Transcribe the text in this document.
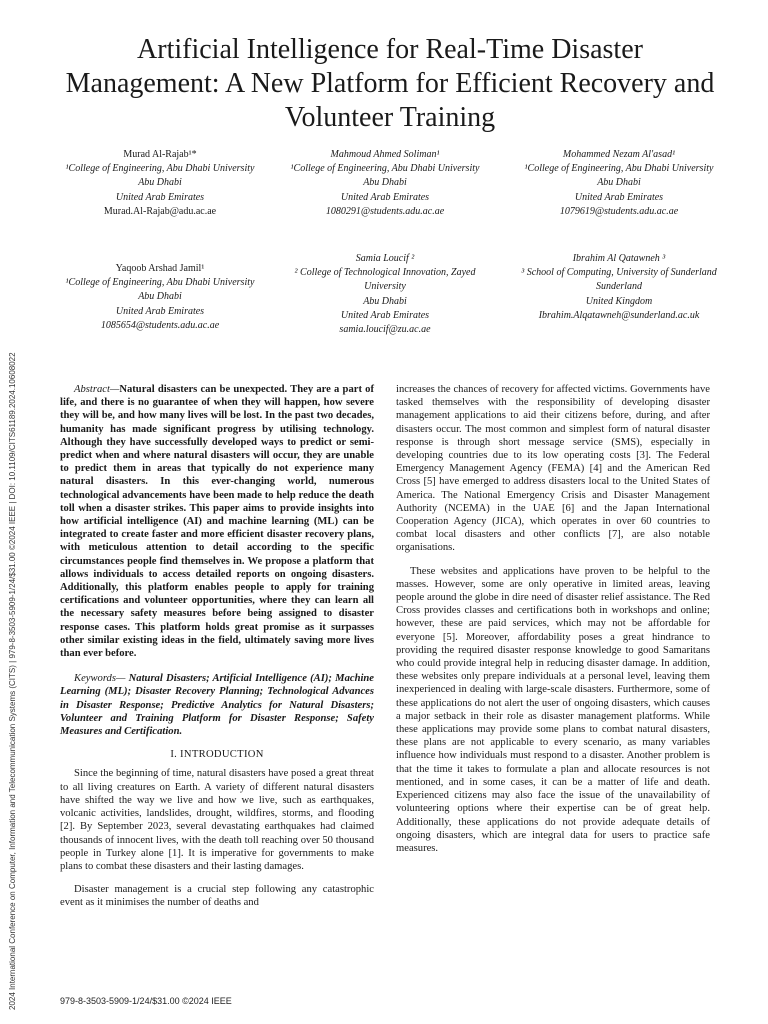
2024 International Conference on Computer, Information and Telecommunication Systems (CITS) | 979-8-3503-5909-1/24/$31.00 ©2024 IEEE | DOI: 10.1109/CITS61189.2024.10608022
Artificial Intelligence for Real-Time Disaster Management: A New Platform for Efficient Recovery and Volunteer Training
Murad Al-Rajab¹*
¹College of Engineering, Abu Dhabi University
Abu Dhabi
United Arab Emirates
Murad.Al-Rajab@adu.ac.ae
Mahmoud Ahmed Soliman¹
¹College of Engineering, Abu Dhabi University
Abu Dhabi
United Arab Emirates
1080291@students.adu.ac.ae
Mohammed Nezam Al'asad¹
¹College of Engineering, Abu Dhabi University
Abu Dhabi
United Arab Emirates
1079619@students.adu.ac.ae
Yaqoob Arshad Jamil¹
¹College of Engineering, Abu Dhabi University
Abu Dhabi
United Arab Emirates
1085654@students.adu.ac.ae
Samia Loucif ²
² College of Technological Innovation, Zayed University
Abu Dhabi
United Arab Emirates
samia.loucif@zu.ac.ae
Ibrahim Al Qatawneh ³
³ School of Computing, University of Sunderland
Sunderland
United Kingdom
Ibrahim.Alqatawneh@sunderland.ac.uk

Abstract—Natural disasters can be unexpected. They are a part of life, and there is no guarantee of when they will happen, how severe they will be, and how many lives will be lost. In the past two decades, humanity has made significant progress by utilising technology. Although they have successfully developed ways to predict or semi-predict when and where natural disasters will occur, they are unable to predict them in areas that typically do not experience many natural disasters. In this ever-changing world, numerous technological advancements have been made to help reduce the death toll when a disaster strikes. This paper aims to provide insights into how artificial intelligence (AI) and machine learning (ML) can be integrated to create faster and more efficient disaster recovery plans, with meticulous attention to detail according to the specific circumstances people find themselves in. We propose a platform that allows individuals to access detailed reports on ongoing disasters. Additionally, this platform enables people to apply for training certifications and volunteer opportunities, where they can learn all the necessary safety measures before being assigned to disaster response cases. This platform holds great promise as it surpasses other similar existing ideas in the field, ultimately saving more lives than ever before.

Keywords— Natural Disasters; Artificial Intelligence (AI); Machine Learning (ML); Disaster Recovery Planning; Technological Advances in Disaster Response; Predictive Analytics for Natural Disasters; Volunteer and Training Platform for Disaster Response; Safety Measures and Certification.

I. INTRODUCTION

Since the beginning of time, natural disasters have posed a great threat to all living creatures on Earth. A variety of different natural disasters have shifted the way we live and how we live, such as earthquakes, volcanic activities, landslides, drought, wildfires, storms, and flooding [2]. By September 2023, several devastating earthquakes had claimed thousands of innocent lives, with the death toll reaching over 50 thousand people in Turkey alone [1]. It is imperative for governments to make plans to combat these disasters and their lasting damages.

Disaster management is a crucial step following any catastrophic event as it minimises the number of deaths and

increases the chances of recovery for affected victims. Governments have tasked themselves with the responsibility of developing disaster management applications to aid their citizens before, during, and after disasters occur. The most common and simplest form of natural disaster response is through short message service (SMS), especially in developing countries due to its low operating costs [3]. The Federal Emergency Management Agency (FEMA) [4] and the American Red Cross [5] have emerged to address disasters local to the United States of America. The National Emergency Crisis and Disaster Management Authority (NCEMA) in the UAE [6] and the Japan International Cooperation Agency (JICA), which operates in over 60 countries to combat local disasters and other conflicts [7], are also notable organisations.

These websites and applications have proven to be helpful to the masses. However, some are only operative in limited areas, leaving people around the globe in dire need of disaster relief assistance. The Red Cross provides classes and certifications both in workshops and online; however, these are paid services, which may not be affordable for everyone [5]. Moreover, affordability poses a great hindrance to providing the required disaster response knowledge to good Samaritans who could provide integral help in reducing disaster damage. In addition, these websites only prepare individuals at a personal level, leaving them inexperienced in dealing with large-scale disasters. Furthermore, some of these applications do not alert the user of ongoing disasters, which causes a major setback in their role as disaster management platforms. While these applications may provide some plans to combat natural disasters, these plans are not applicable to every scenario, as many variables influence how individuals must respond to a disaster. Another problem is that the time it takes to formulate a plan and allocate resources is not mentioned, and in some cases, it can be a matter of life and death. Experienced citizens may also face the issue of the unavailability of volunteering options where their expertise can be of great help. Additionally, these applications do not provide adequate details of ongoing disasters, which are integral data for users to practice safe measures.

979-8-3503-5909-1/24/$31.00 ©2024 IEEE
